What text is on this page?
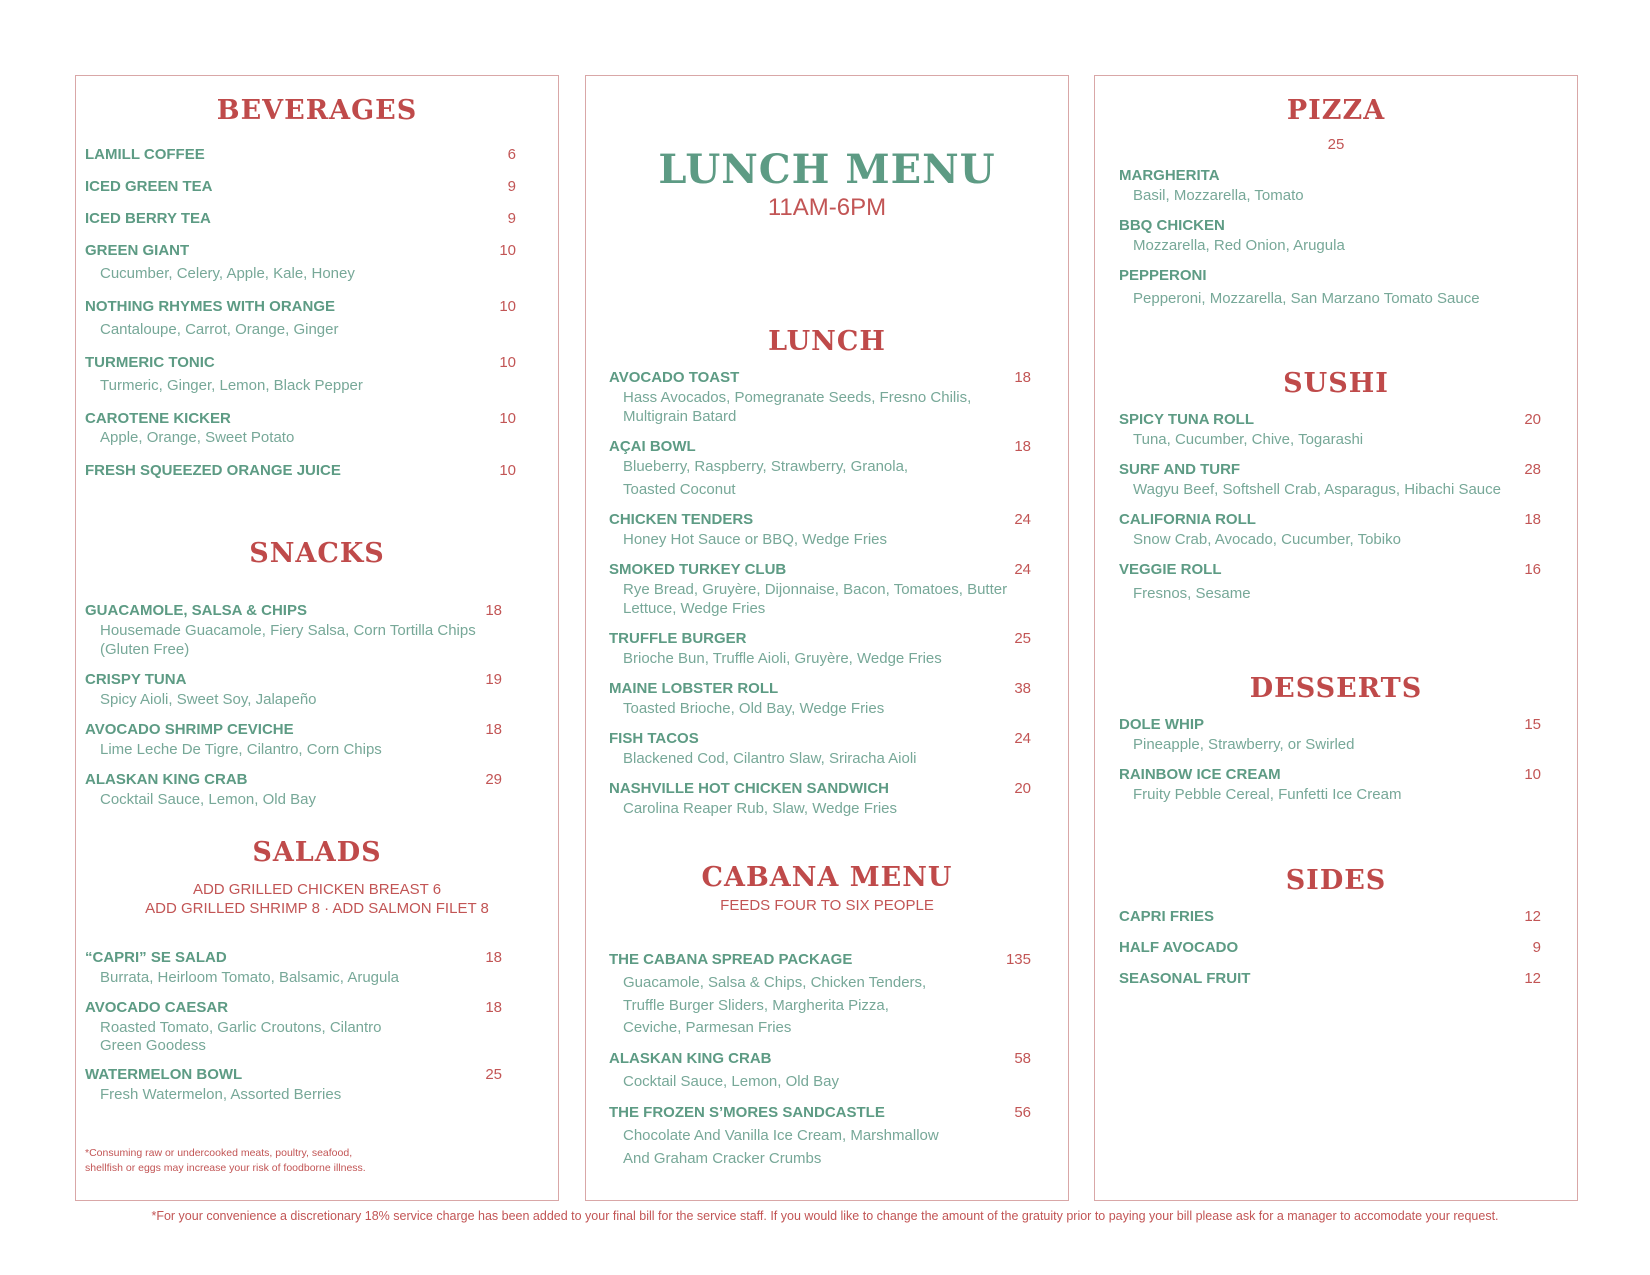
BEVERAGES
LAMILL COFFEE	6
ICED GREEN TEA	9
ICED BERRY TEA	9
GREEN GIANT	10
Cucumber, Celery, Apple, Kale, Honey
NOTHING RHYMES WITH ORANGE	10
Cantaloupe, Carrot, Orange, Ginger
TURMERIC TONIC	10
Turmeric, Ginger, Lemon, Black Pepper
CAROTENE KICKER	10
Apple, Orange, Sweet Potato
FRESH SQUEEZED ORANGE JUICE	10
SNACKS
GUACAMOLE, SALSA & CHIPS	18
Housemade Guacamole, Fiery Salsa, Corn Tortilla Chips
(Gluten Free)
CRISPY TUNA	19
Spicy Aioli, Sweet Soy, Jalapeño
AVOCADO SHRIMP CEVICHE	18
Lime Leche De Tigre, Cilantro, Corn Chips
ALASKAN KING CRAB	29
Cocktail Sauce, Lemon, Old Bay
SALADS
ADD GRILLED CHICKEN BREAST 6
ADD GRILLED SHRIMP 8 · ADD SALMON FILET 8
“CAPRI” SE SALAD	18
Burrata, Heirloom Tomato, Balsamic, Arugula
AVOCADO CAESAR	18
Roasted Tomato, Garlic Croutons, Cilantro
Green Goodess
WATERMELON BOWL	25
Fresh Watermelon, Assorted Berries
*Consuming raw or undercooked meats, poultry, seafood,
shellfish or eggs may increase your risk of foodborne illness.
LUNCH MENU
11AM-6PM
LUNCH
AVOCADO TOAST	18
Hass Avocados, Pomegranate Seeds, Fresno Chilis,
Multigrain Batard
AÇAI BOWL	18
Blueberry, Raspberry, Strawberry, Granola,
Toasted Coconut
CHICKEN TENDERS	24
Honey Hot Sauce or BBQ, Wedge Fries
SMOKED TURKEY CLUB	24
Rye Bread, Gruyère, Dijonnaise, Bacon, Tomatoes, Butter
Lettuce, Wedge Fries
TRUFFLE BURGER	25
Brioche Bun, Truffle Aioli, Gruyère, Wedge Fries
MAINE LOBSTER ROLL	38
Toasted Brioche, Old Bay, Wedge Fries
FISH TACOS	24
Blackened Cod, Cilantro Slaw, Sriracha Aioli
NASHVILLE HOT CHICKEN SANDWICH	20
Carolina Reaper Rub, Slaw, Wedge Fries
CABANA MENU
FEEDS FOUR TO SIX PEOPLE
THE CABANA SPREAD PACKAGE	135
Guacamole, Salsa & Chips, Chicken Tenders,
Truffle Burger Sliders, Margherita Pizza,
Ceviche, Parmesan Fries
ALASKAN KING CRAB	58
Cocktail Sauce, Lemon, Old Bay
THE FROZEN S’MORES SANDCASTLE	56
Chocolate And Vanilla Ice Cream, Marshmallow
And Graham Cracker Crumbs
PIZZA
25
MARGHERITA
Basil, Mozzarella, Tomato
BBQ CHICKEN
Mozzarella, Red Onion, Arugula
PEPPERONI
Pepperoni, Mozzarella, San Marzano Tomato Sauce
SUSHI
SPICY TUNA ROLL	20
Tuna, Cucumber, Chive, Togarashi
SURF AND TURF	28
Wagyu Beef, Softshell Crab, Asparagus, Hibachi Sauce
CALIFORNIA ROLL	18
Snow Crab, Avocado, Cucumber, Tobiko
VEGGIE ROLL	16
Fresnos, Sesame
DESSERTS
DOLE WHIP	15
Pineapple, Strawberry, or Swirled
RAINBOW ICE CREAM	10
Fruity Pebble Cereal, Funfetti Ice Cream
SIDES
CAPRI FRIES	12
HALF AVOCADO	9
SEASONAL FRUIT	12
*For your convenience a discretionary 18% service charge has been added to your final bill for the service staff. If you would like to change the amount of the gratuity prior to paying your bill please ask for a manager to accomodate your request.
